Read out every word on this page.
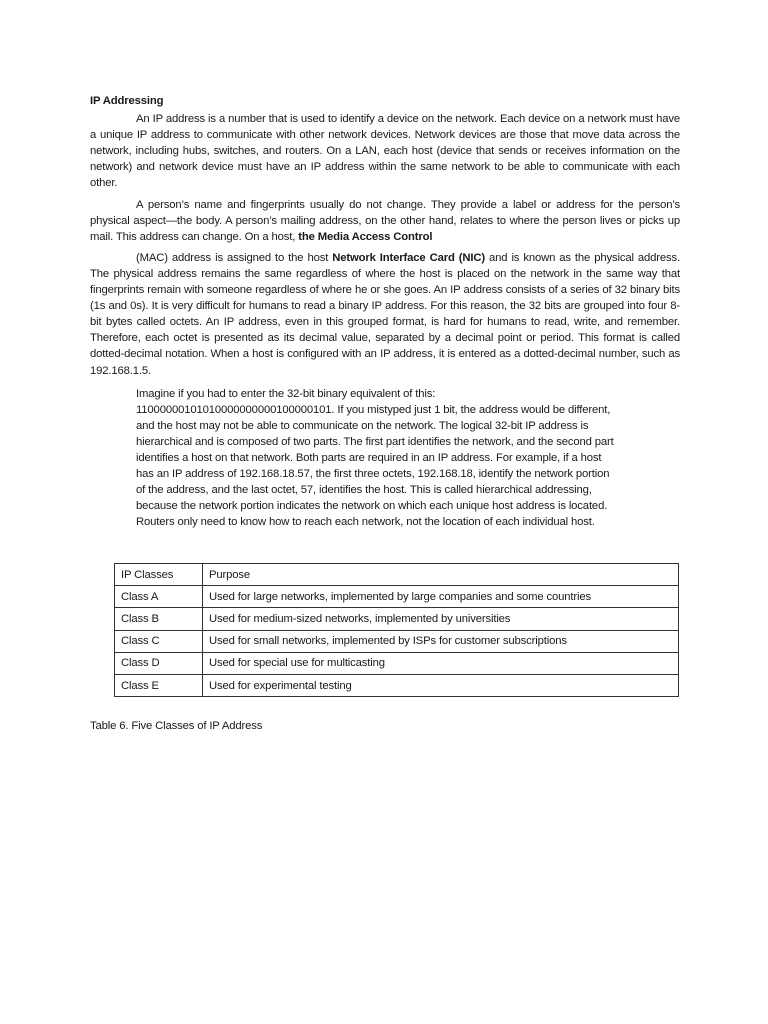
IP Addressing

An IP address is a number that is used to identify a device on the network. Each device on a network must have a unique IP address to communicate with other network devices. Network devices are those that move data across the network, including hubs, switches, and routers. On a LAN, each host (device that sends or receives information on the network) and network device must have an IP address within the same network to be able to communicate with each other.

A person’s name and fingerprints usually do not change. They provide a label or address for the person’s physical aspect—the body. A person’s mailing address, on the other hand, relates to where the person lives or picks up mail. This address can change. On a host, the Media Access Control

(MAC) address is assigned to the host Network Interface Card (NIC) and is known as the physical address. The physical address remains the same regardless of where the host is placed on the network in the same way that fingerprints remain with someone regardless of where he or she goes. An IP address consists of a series of 32 binary bits (1s and 0s). It is very difficult for humans to read a binary IP address. For this reason, the 32 bits are grouped into four 8-bit bytes called octets. An IP address, even in this grouped format, is hard for humans to read, write, and remember. Therefore, each octet is presented as its decimal value, separated by a decimal point or period. This format is called dotted-decimal notation. When a host is configured with an IP address, it is entered as a dotted-decimal number, such as 192.168.1.5.

Imagine if you had to enter the 32-bit binary equivalent of this:
11000000101010000000000100000101. If you mistyped just 1 bit, the address would be different,
and the host may not be able to communicate on the network. The logical 32-bit IP address is
hierarchical and is composed of two parts. The first part identifies the network, and the second part
identifies a host on that network. Both parts are required in an IP address. For example, if a host
has an IP address of 192.168.18.57, the first three octets, 192.168.18, identify the network portion
of the address, and the last octet, 57, identifies the host. This is called hierarchical addressing,
because the network portion indicates the network on which each unique host address is located.
Routers only need to know how to reach each network, not the location of each individual host.
IP Classes	Purpose
Class A	Used for large networks, implemented by large companies and some countries
Class B	Used for medium-sized networks, implemented by universities
Class C	Used for small networks, implemented by ISPs for customer subscriptions
Class D	Used for special use for multicasting
Class E	Used for experimental testing
Table 6. Five Classes of IP Address
